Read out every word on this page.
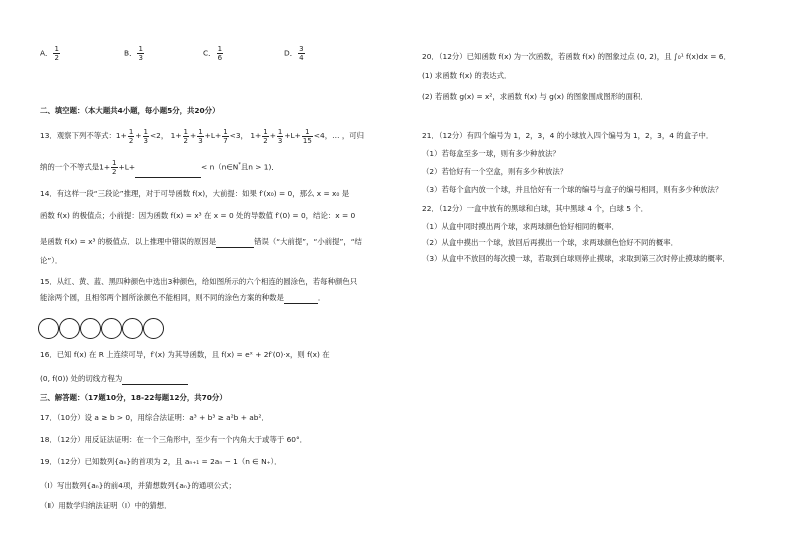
A． $\frac{1}{2}$	B． $\frac{1}{3}$	C． $\frac{1}{6}$	D． $\frac{3}{4}$
二、填空题：（本大题共4小题，每小题5分，共20分）
13．观察下列不等式：$1+ \frac{1}{2} + \frac{1}{3} <2$， $1+ \frac{1}{2} + \frac{1}{3} +L+ \frac{1}{7} <3$， $1+ \frac{1}{2} + \frac{1}{3} +L+ \frac{1}{15} <4$，… ，可归
纳的一个不等式是$1+ \frac{1}{2} +L+$	< n（n∈N*且n > 1)．
14．有这样一段“三段论”推理，对于可导函数 f(x)，大前提：如果 f′(x₀) = 0，那么 x = x₀ 是
函数 f(x) 的极值点；小前提：因为函数 f(x) = x³ 在 x = 0 处的导数值 f′(0) = 0，结论：x = 0
是函数 f(x) = x³ 的极值点．以上推理中错误的原因是	错误（“大前提”，“小前提”，“结
论”）．
15．从红、黄、蓝、黑四种颜色中选出3种颜色，给如图所示的六个相连的圆涂色，若每种颜色只
能涂两个圆，且相邻两个圆所涂颜色不能相同，则不同的涂色方案的种数是	．
16．已知 f(x) 在 R 上连续可导，f′(x) 为其导函数，且 f(x) = eˣ + 2f′(0)·x，则 f(x) 在
(0, f(0)) 处的切线方程为
三、解答题：（17题10分，18-22每题12分，共70分）
17．（10分）设 a ≥ b > 0，用综合法证明：a³ + b³ ≥ a²b + ab²．
18．（12分）用反证法证明：在一个三角形中，至少有一个内角大于或等于 60°．
19．（12分）已知数列{aₙ}的首项为 2，且 aₙ₊₁ = 2aₙ − 1（n ∈ N₊）．
（Ⅰ）写出数列{aₙ}的前4项，并猜想数列{aₙ}的通项公式；
（Ⅱ）用数学归纳法证明（Ⅰ）中的猜想．
20．（12分）已知函数 f(x) 为一次函数，若函数 f(x) 的图象过点 (0, 2)，且 ∫₀¹ f(x)dx = 6．
(1) 求函数 f(x) 的表达式．
(2) 若函数 g(x) = x²，求函数 f(x) 与 g(x) 的图象围成图形的面积．
21．（12分）有四个编号为 1，2，3，4 的小球放入四个编号为 1，2，3，4 的盒子中．
（1）若每盒至多一球，则有多少种放法？
（2）若恰好有一个空盒，则有多少种放法？
（3）若每个盒内放一个球，并且恰好有一个球的编号与盒子的编号相同，则有多少种放法？
22．（12分）一盒中放有的黑球和白球，其中黑球 4 个，白球 5 个．
（1）从盒中同时摸出两个球，求两球颜色恰好相同的概率．
（2）从盒中摸出一个球，放回后再摸出一个球，求两球颜色恰好不同的概率．
（3）从盒中不放回的每次摸一球，若取到白球则停止摸球，求取到第三次时停止摸球的概率．
